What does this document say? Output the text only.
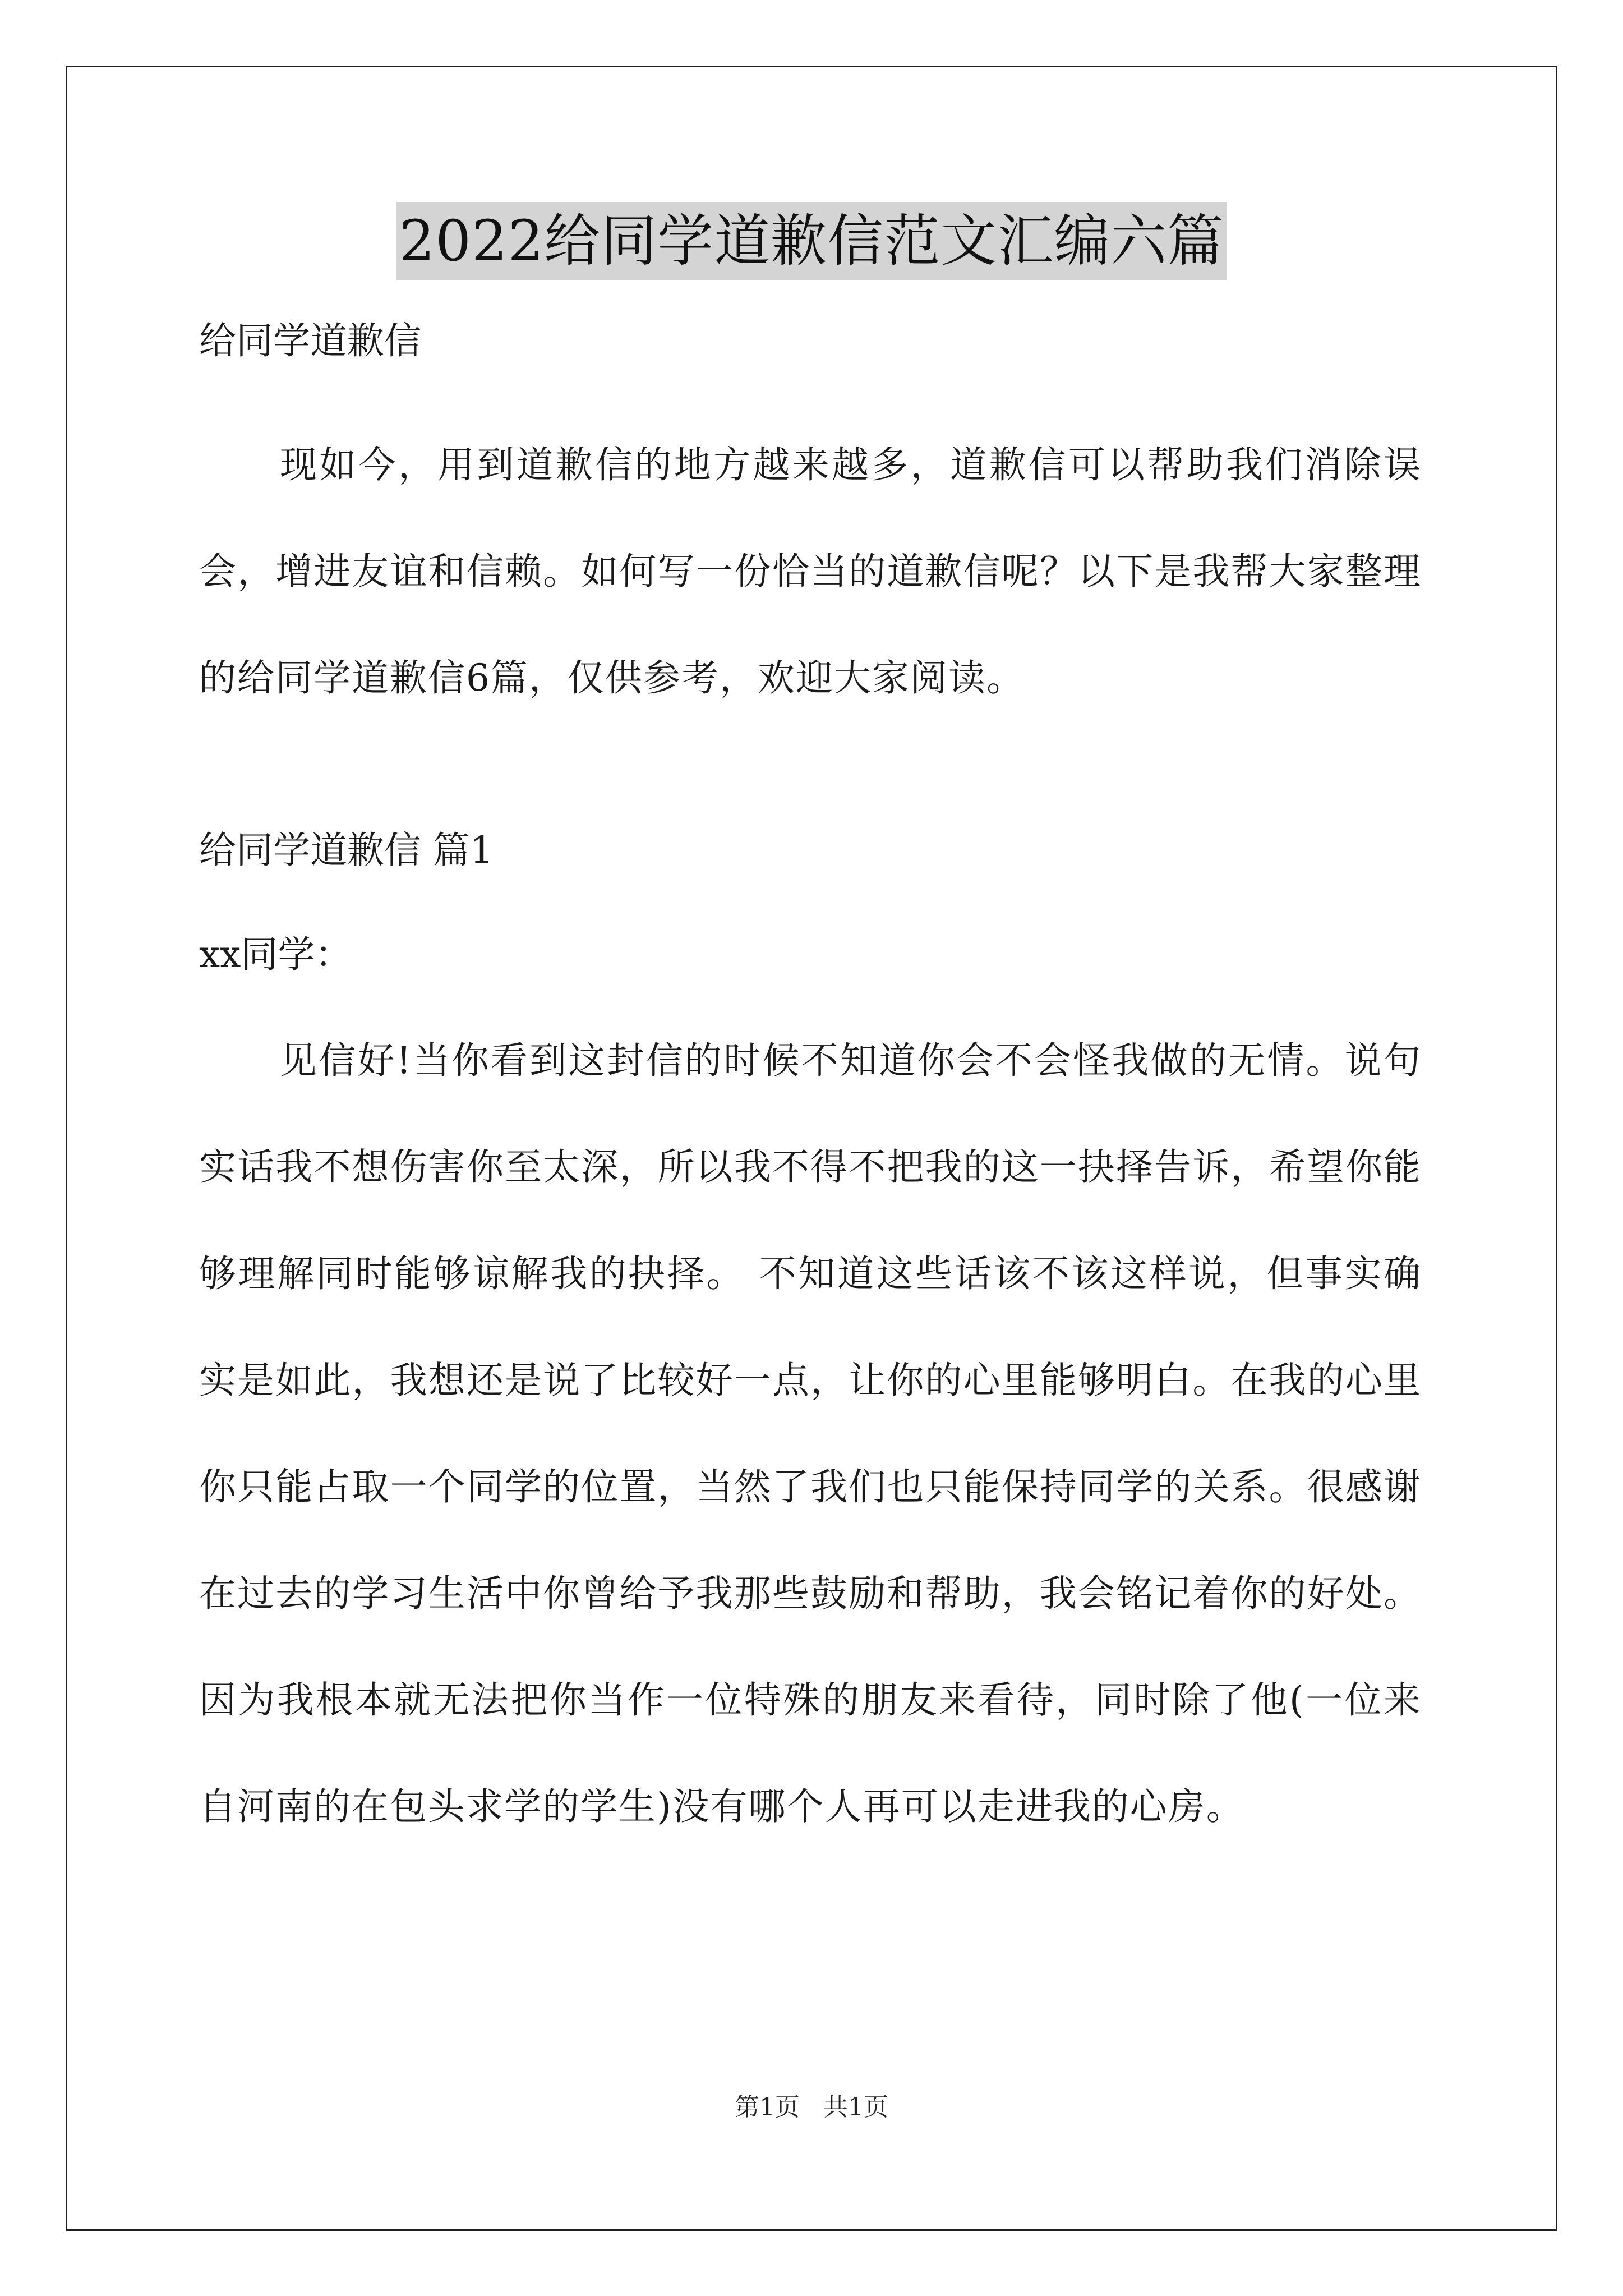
2022给同学道歉信范文汇编六篇

给同学道歉信

现如今，用到道歉信的地方越来越多，道歉信可以帮助我们消除误会，增进友谊和信赖。如何写一份恰当的道歉信呢？以下是我帮大家整理的给同学道歉信6篇，仅供参考，欢迎大家阅读。

给同学道歉信 篇1

xx同学：

见信好!当你看到这封信的时候不知道你会不会怪我做的无情。说句实话我不想伤害你至太深，所以我不得不把我的这一抉择告诉，希望你能够理解同时能够谅解我的抉择。 不知道这些话该不该这样说，但事实确实是如此，我想还是说了比较好一点，让你的心里能够明白。在我的心里你只能占取一个同学的位置，当然了我们也只能保持同学的关系。很感谢在过去的学习生活中你曾给予我那些鼓励和帮助，我会铭记着你的好处。因为我根本就无法把你当作一位特殊的朋友来看待，同时除了他(一位来自河南的在包头求学的学生)没有哪个人再可以走进我的心房。

第1页 共1页
